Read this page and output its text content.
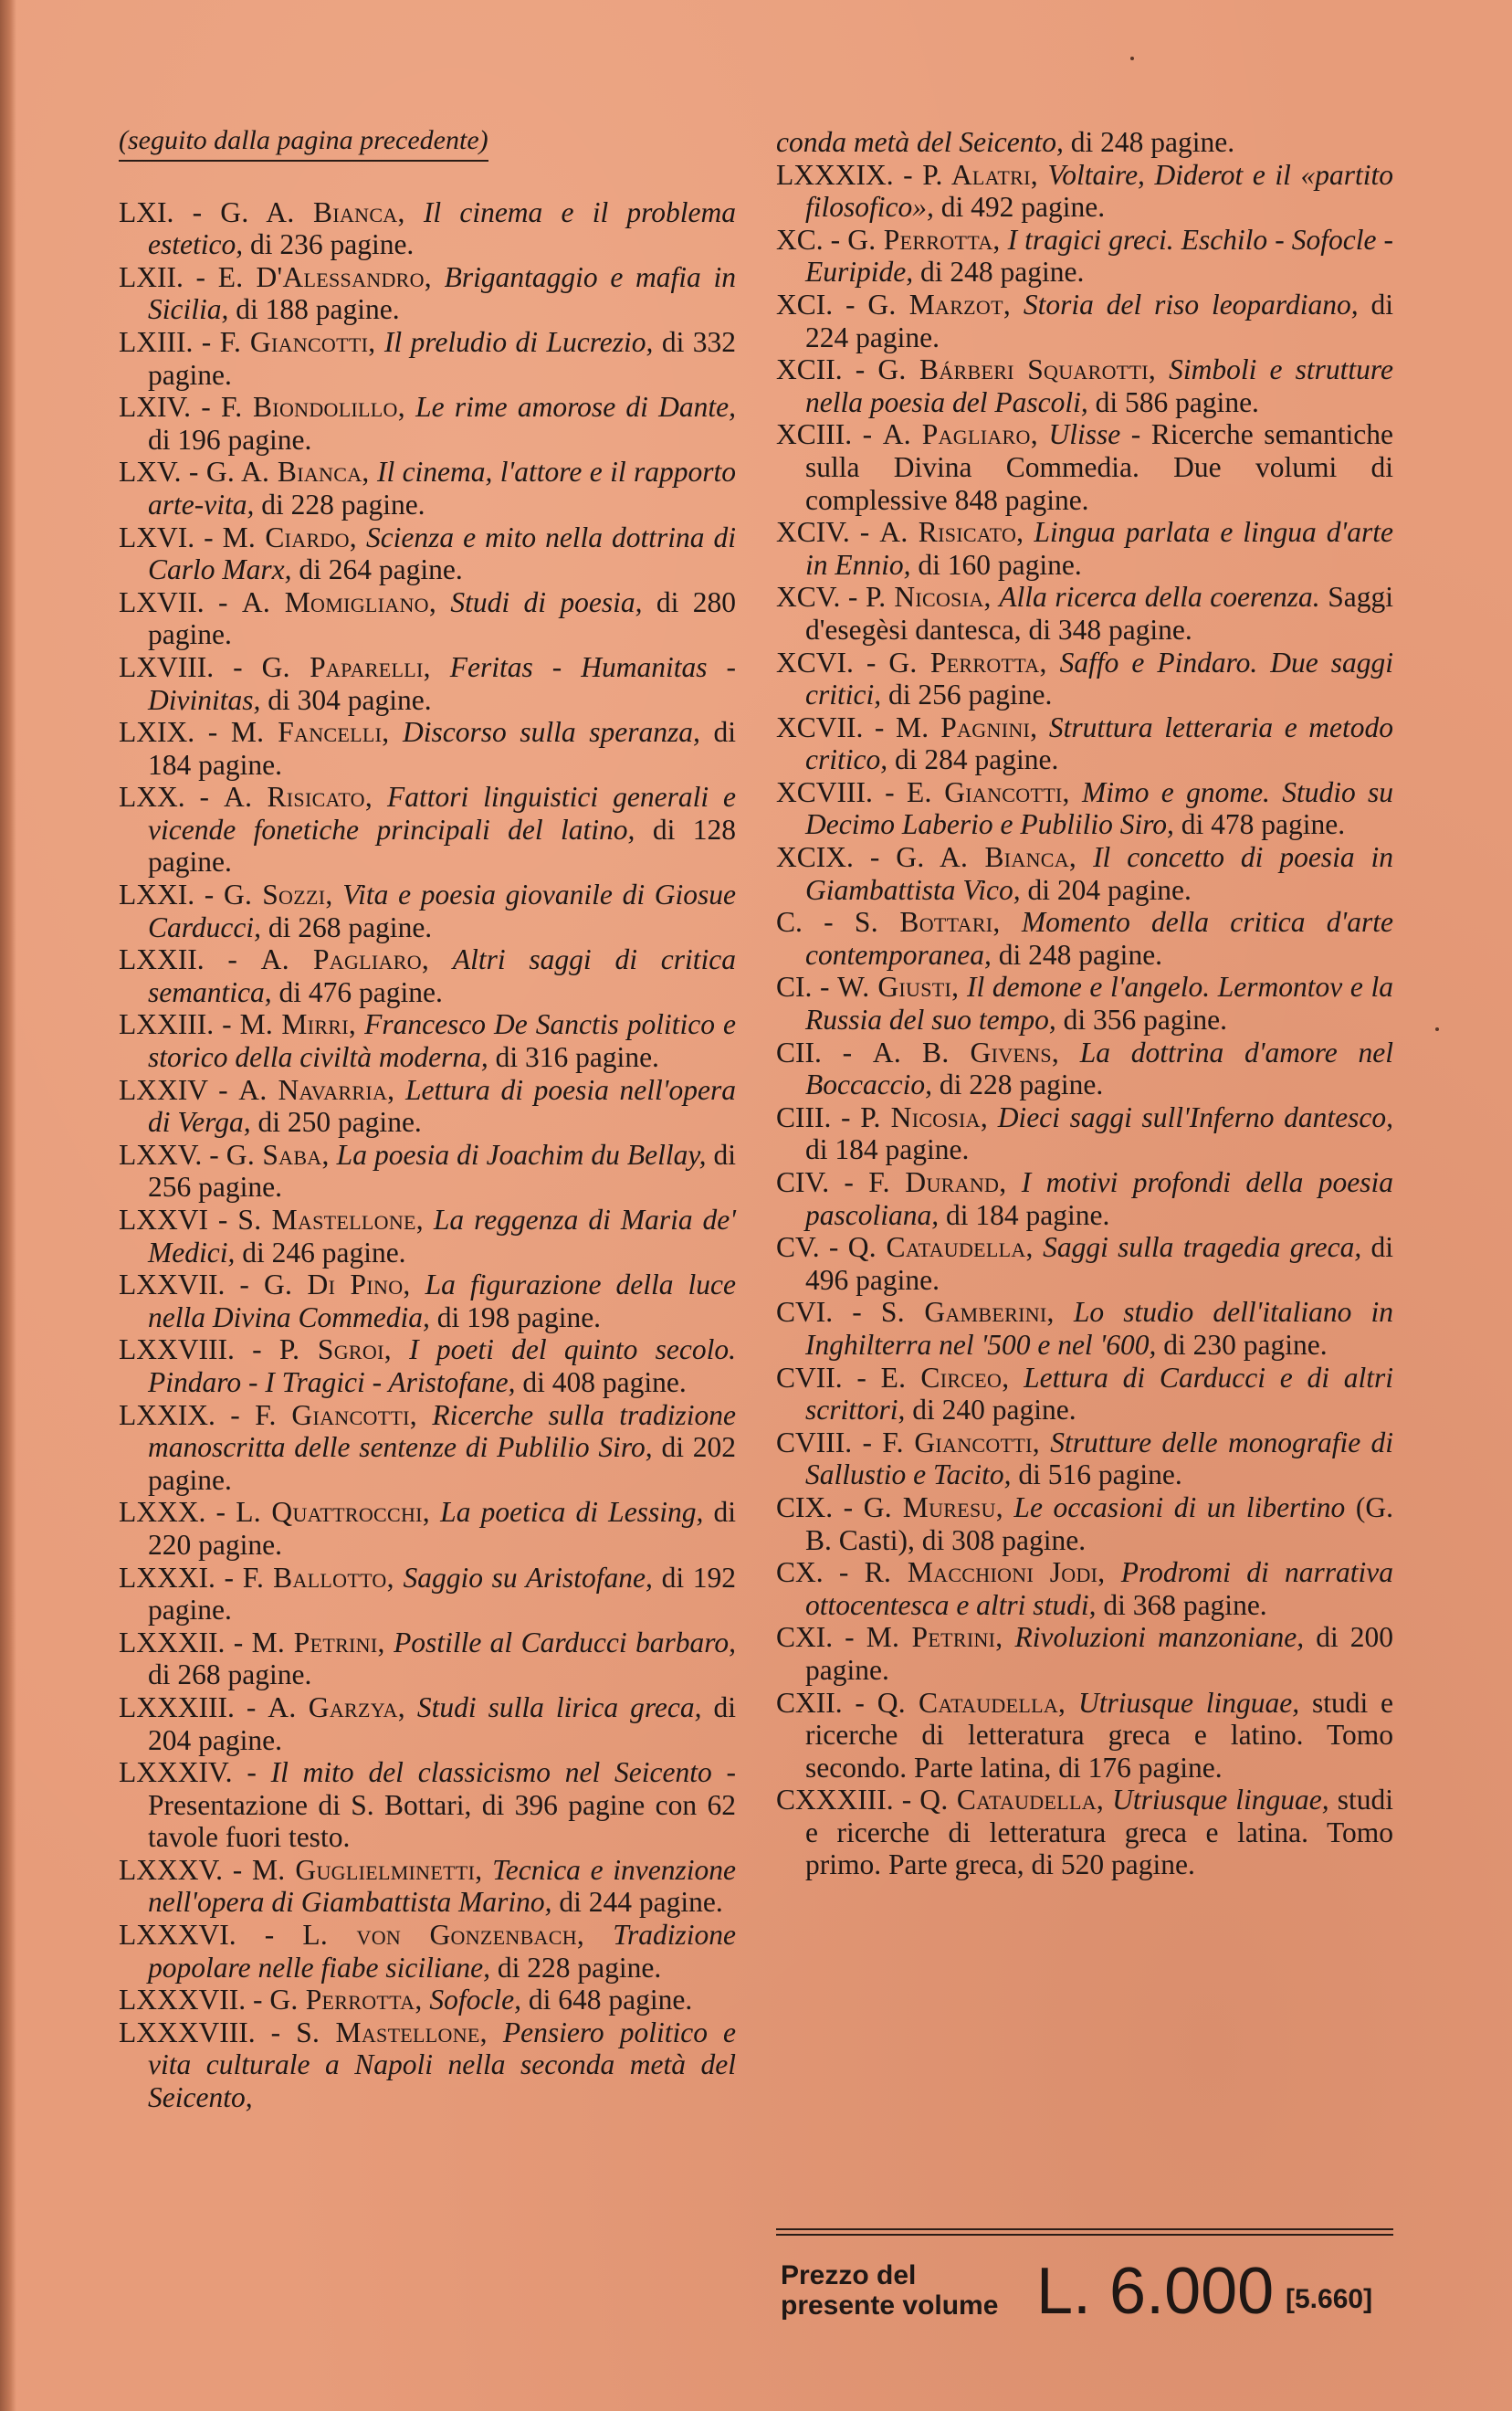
(seguito dalla pagina precedente)

LXI. - G. A. Bianca, Il cinema e il problema estetico, di 236 pagine.

LXII. - E. D'Alessandro, Brigantaggio e mafia in Sicilia, di 188 pagine.

LXIII. - F. Giancotti, Il preludio di Lucrezio, di 332 pagine.

LXIV. - F. Biondolillo, Le rime amorose di Dante, di 196 pagine.

LXV. - G. A. Bianca, Il cinema, l'attore e il rapporto arte-vita, di 228 pagine.

LXVI. - M. Ciardo, Scienza e mito nella dottrina di Carlo Marx, di 264 pagine.

LXVII. - A. Momigliano, Studi di poesia, di 280 pagine.

LXVIII. - G. Paparelli, Feritas - Humanitas - Divinitas, di 304 pagine.

LXIX. - M. Fancelli, Discorso sulla speranza, di 184 pagine.

LXX. - A. Risicato, Fattori linguistici generali e vicende fonetiche principali del latino, di 128 pagine.

LXXI. - G. Sozzi, Vita e poesia giovanile di Giosue Carducci, di 268 pagine.

LXXII. - A. Pagliaro, Altri saggi di critica semantica, di 476 pagine.

LXXIII. - M. Mirri, Francesco De Sanctis politico e storico della civiltà moderna, di 316 pagine.

LXXIV - A. Navarria, Lettura di poesia nell'opera di Verga, di 250 pagine.

LXXV. - G. Saba, La poesia di Joachim du Bellay, di 256 pagine.

LXXVI - S. Mastellone, La reggenza di Maria de' Medici, di 246 pagine.

LXXVII. - G. Di Pino, La figurazione della luce nella Divina Commedia, di 198 pagine.

LXXVIII. - P. Sgroi, I poeti del quinto secolo. Pindaro - I Tragici - Aristofane, di 408 pagine.

LXXIX. - F. Giancotti, Ricerche sulla tradizione manoscritta delle sentenze di Publilio Siro, di 202 pagine.

LXXX. - L. Quattrocchi, La poetica di Lessing, di 220 pagine.

LXXXI. - F. Ballotto, Saggio su Aristofane, di 192 pagine.

LXXXII. - M. Petrini, Postille al Carducci barbaro, di 268 pagine.

LXXXIII. - A. Garzya, Studi sulla lirica greca, di 204 pagine.

LXXXIV. - Il mito del classicismo nel Seicento - Presentazione di S. Bottari, di 396 pagine con 62 tavole fuori testo.

LXXXV. - M. Guglielminetti, Tecnica e invenzione nell'opera di Giambattista Marino, di 244 pagine.

LXXXVI. - L. von Gonzenbach, Tradizione popolare nelle fiabe siciliane, di 228 pagine.

LXXXVII. - G. Perrotta, Sofocle, di 648 pagine.

LXXXVIII. - S. Mastellone, Pensiero politico e vita culturale a Napoli nella seconda metà del Seicento,

conda metà del Seicento, di 248 pagine.

LXXXIX. - P. Alatri, Voltaire, Diderot e il «partito filosofico», di 492 pagine.

XC. - G. Perrotta, I tragici greci. Eschilo - Sofocle - Euripide, di 248 pagine.

XCI. - G. Marzot, Storia del riso leopardiano, di 224 pagine.

XCII. - G. Bárberi Squarotti, Simboli e strutture nella poesia del Pascoli, di 586 pagine.

XCIII. - A. Pagliaro, Ulisse - Ricerche semantiche sulla Divina Commedia. Due volumi di complessive 848 pagine.

XCIV. - A. Risicato, Lingua parlata e lingua d'arte in Ennio, di 160 pagine.

XCV. - P. Nicosia, Alla ricerca della coerenza. Saggi d'esegèsi dantesca, di 348 pagine.

XCVI. - G. Perrotta, Saffo e Pindaro. Due saggi critici, di 256 pagine.

XCVII. - M. Pagnini, Struttura letteraria e metodo critico, di 284 pagine.

XCVIII. - E. Giancotti, Mimo e gnome. Studio su Decimo Laberio e Publilio Siro, di 478 pagine.

XCIX. - G. A. Bianca, Il concetto di poesia in Giambattista Vico, di 204 pagine.

C. - S. Bottari, Momento della critica d'arte contemporanea, di 248 pagine.

CI. - W. Giusti, Il demone e l'angelo. Lermontov e la Russia del suo tempo, di 356 pagine.

CII. - A. B. Givens, La dottrina d'amore nel Boccaccio, di 228 pagine.

CIII. - P. Nicosia, Dieci saggi sull'Inferno dantesco, di 184 pagine.

CIV. - F. Durand, I motivi profondi della poesia pascoliana, di 184 pagine.

CV. - Q. Cataudella, Saggi sulla tragedia greca, di 496 pagine.

CVI. - S. Gamberini, Lo studio dell'italiano in Inghilterra nel '500 e nel '600, di 230 pagine.

CVII. - E. Circeo, Lettura di Carducci e di altri scrittori, di 240 pagine.

CVIII. - F. Giancotti, Strutture delle monografie di Sallustio e Tacito, di 516 pagine.

CIX. - G. Muresu, Le occasioni di un libertino (G. B. Casti), di 308 pagine.

CX. - R. Macchioni Jodi, Prodromi di narrativa ottocentesca e altri studi, di 368 pagine.

CXI. - M. Petrini, Rivoluzioni manzoniane, di 200 pagine.

CXII. - Q. Cataudella, Utriusque linguae, studi e ricerche di letteratura greca e latino. Tomo secondo. Parte latina, di 176 pagine.

CXXXIII. - Q. Cataudella, Utriusque linguae, studi e ricerche di letteratura greca e latina. Tomo primo. Parte greca, di 520 pagine.

Prezzo del
presente volume L. 6.000 [5.660]
